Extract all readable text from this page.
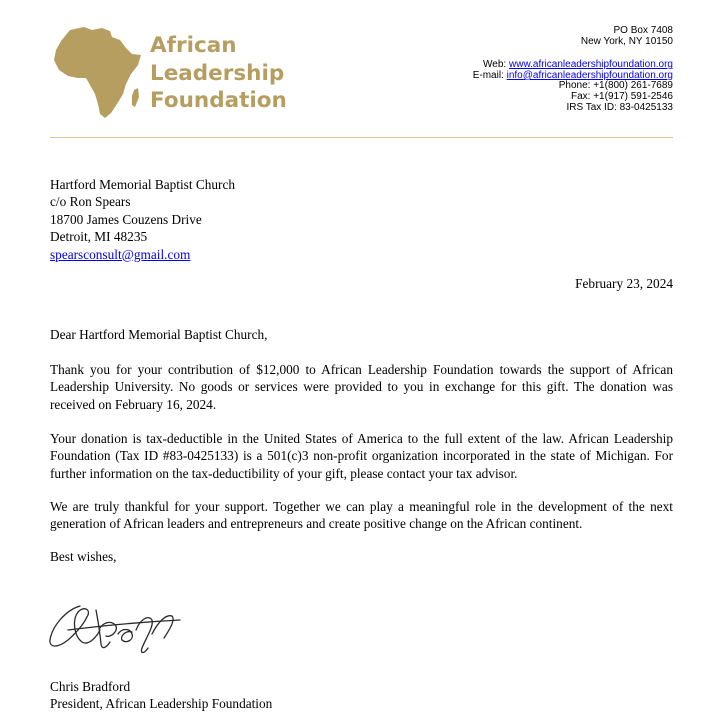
African
Leadership
Foundation
PO Box 7408
New York, NY 10150
Web: www.africanleadershipfoundation.org
E-mail: info@africanleadershipfoundation.org
Phone: +1(800) 261-7689
Fax: +1(917) 591-2546
IRS Tax ID: 83-0425133
Hartford Memorial Baptist Church
c/o Ron Spears
18700 James Couzens Drive
Detroit, MI 48235
spearsconsult@gmail.com
February 23, 2024
Dear Hartford Memorial Baptist Church,
Thank you for your contribution of $12,000 to African Leadership Foundation towards the support of African Leadership University. No goods or services were provided to you in exchange for this gift. The donation was received on February 16, 2024.
Your donation is tax-deductible in the United States of America to the full extent of the law. African Leadership Foundation (Tax ID #83-0425133) is a 501(c)3 non-profit organization incorporated in the state of Michigan. For further information on the tax-deductibility of your gift, please contact your tax advisor.
We are truly thankful for your support. Together we can play a meaningful role in the development of the next generation of African leaders and entrepreneurs and create positive change on the African continent.
Best wishes,
Chris Bradford
President, African Leadership Foundation
